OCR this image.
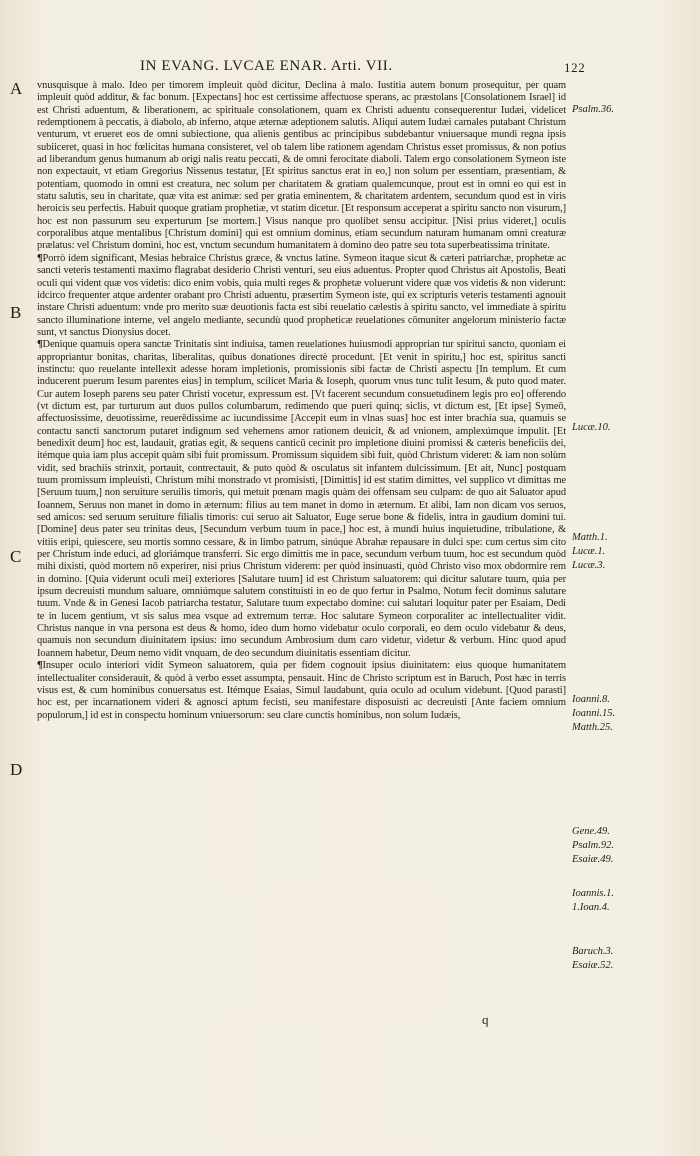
IN EVANG. LVCAE ENAR. Arti. VII.	122
A
B
C
D
Psalm.36.
Lucæ.10.
Matth.1.
Lucæ.1.
Lucæ.3.
Ioanni.8.
Ioanni.15.
Matth.25.
Gene.49.
Psalm.92.
Esaiæ.49.
Ioannis.1.
1.Ioan.4.
Baruch.3.
Esaiæ.52.

vnusquisque à malo. Ideo per timorem impleuit quòd dicitur, Declina à malo. Iustitia autem bonum prosequitur, per quam impleuit quòd additur, & fac bonum. [Expectans] hoc est certissime affectuose sperans, ac præstolans [Consolationem Israel] id est Christi aduentum, & liberationem, ac spirituale consolationem, quam ex Christi aduentu consequerentur Iudæi, videlicet redemptionem à peccatis, à diabolo, ab inferno, atque æternæ adeptionem salutis. Aliqui autem Iudæi carnales putabant Christum venturum, vt erueret eos de omni subiectione, qua alienis gentibus ac principibus subdebantur vniuersaque mundi regna ipsis subiiceret, quasi in hoc fœlicitas humana consisteret, vel ob talem libe rationem agendam Christus esset promissus, & non potius ad liberandum genus humanum ab origi nalis reatu peccati, & de omni ferocitate diaboli. Talem ergo consolationem Symeon iste non expectauit, vt etiam Gregorius Nissenus testatur, [Et spiritus sanctus erat in eo,] non solum per essentiam, præsentiam, & potentiam, quomodo in omni est creatura, nec solum per charitatem & gratiam qualemcunque, prout est in omni eo qui est in statu salutis, seu in charitate, quæ vita est animæ: sed per gratia eminentem, & charitatem ardentem, secundum quod est in viris heroicis seu perfectis. Habuit quoque gratiam prophetiæ, vt statim dicetur. [Et responsum acceperat a spiritu sancto non visurum,] hoc est non passurum seu experturum [se mortem.] Visus nanque pro quolibet sensu accipitur. [Nisi prius videret,] oculis corporalibus atque mentalibus [Christum domini] qui est omnium dominus, etiam secundum naturam humanam omni creaturæ prælatus: vel Christum domini, hoc est, vnctum secundum humanitatem à domino deo patre seu tota superbeatissima trinitate.

¶Porrò idem significant, Mesias hebraice Christus græce, & vnctus latine. Symeon itaque sicut & cæteri patriarchæ, prophetæ ac sancti veteris testamenti maximo flagrabat desiderio Christi venturi, seu eius aduentus. Propter quod Christus ait Apostolis, Beati oculi qui vident quæ vos videtis: dico enim vobis, quia multi reges & prophetæ voluerunt videre quæ vos videtis & non viderunt: idcirco frequenter atque ardenter orabant pro Christi aduentu, præsertim Symeon iste, qui ex scripturis veteris testamenti agnouit instare Christi aduentum: vnde pro merito suæ deuotionis facta est sibi reuelatio cælestis à spiritu sancto, vel immediate à spiritu sancto illuminatione interne, vel angelo mediante, secundù quod propheticæ reuelationes cōmuniter angelorum ministerio factæ sunt, vt sanctus Dionysius docet.

¶Denique quamuis opera sanctæ Trinitatis sint indiuisa, tamen reuelationes huiusmodi approprian tur spiritui sancto, quoniam ei appropriantur bonitas, charitas, liberalitas, quibus donationes directè procedunt. [Et venit in spiritu,] hoc est, spiritus sancti instinctu: quo reuelante intellexit adesse horam impletionis, promissionis sibi factæ de Christi aspectu [In templum. Et cum inducerent puerum Iesum parentes eius] in templum, scilicet Maria & Ioseph, quorum vnus tunc tulit Iesum, & puto quod mater. Cur autem Ioseph parens seu pater Christi vocetur, expressum est. [Vt facerent secundum consuetudinem legis pro eo] offerendo (vt dictum est, par turturum aut duos pullos columbarum, redimendo que pueri quinq; siclis, vt dictum est, [Et ipse] Symeō, affectuosissime, deuotissime, reuerēdissime ac iucundissime [Accepit eum in vlnas suas] hoc est inter brachia sua, quamuis se contactu sancti sanctorum putaret indignum sed vehemens amor rationem deuicit, & ad vnionem, amplexúmque impulit. [Et benedixit deum] hoc est, laudauit, gratias egit, & sequens canticū cecinit pro impletione diuini promissi & cæteris beneficiis dei, itémque quia iam plus accepit quàm sibi fuit promissum. Promissum siquidem sibi fuit, quòd Christum videret: & iam non solùm vidit, sed brachiis strinxit, portauit, contrectauit, & puto quòd & osculatus sit infantem dulcissimum. [Et ait, Nunc] postquam tuum promissum impleuisti, Christum mihi monstrado vt promisisti, [Dimittis] id est statim dimittes, vel supplico vt dimittas me [Seruum tuum,] non seruiture seruilis timoris, qui metuit pœnam magis quàm dei offensam seu culpam: de quo ait Saluator apud Ioannem, Seruus non manet in domo in æternum: filius au tem manet in domo in æternum. Et alibi, Iam non dicam vos seruos, sed amicos: sed seruum seruiture filialis timoris: cui seruo ait Saluator, Euge serue bone & fidelis, intra in gaudium domini tui. [Domine] deus pater seu trinitas deus, [Secundum verbum tuum in pace,] hoc est, à mundi huius inquietudine, tribulatione, & vitiis eripi, quiescere, seu mortis somno cessare, & in limbo patrum, sinúque Abrahæ repausare in dulci spe: cum certus sim cito per Christum inde educi, ad gloriámque transferri. Sic ergo dimittis me in pace, secundum verbum tuum, hoc est secundum quòd mihi dixisti, quòd mortem nō experirer, nisi prius Christum viderem: per quòd insinuasti, quòd Christo viso mox obdormire rem in domino. [Quia viderunt oculi mei] exteriores [Salutare tuum] id est Christum saluatorem: qui dicitur salutare tuum, quia per ipsum decreuisti mundum saluare, omniúmque salutem constituisti in eo de quo fertur in Psalmo, Notum fecit dominus salutare tuum. Vnde & in Genesi Iacob patriarcha testatur, Salutare tuum expectabo domine: cui salutari loquitur pater per Esaiam, Dedi te in lucem gentium, vt sis salus mea vsque ad extremum terræ. Hoc salutare Symeon corporaliter ac intellectualiter vidit. Christus nanque in vna persona est deus & homo, ideo dum homo videbatur oculo corporali, eo dem oculo videbatur & deus, quamuis non secundum diuinitatem ipsius: imo secundum Ambrosium dum caro videtur, videtur & verbum. Hinc quod apud Ioannem habetur, Deum nemo vidit vnquam, de deo secundum diuinitatis essentiam dicitur.

¶Insuper oculo interiori vidit Symeon saluatorem, quia per fidem cognouit ipsius diuinitatem: eius quoque humanitatem intellectualiter considerauit, & quòd à verbo esset assumpta, pensauit. Hinc de Christo scriptum est in Baruch, Post hæc in terris visus est, & cum hominibus conuersatus est. Itémque Esaias, Simul laudabunt, quia oculo ad oculum videbunt. [Quod parasti] hoc est, per incarnationem videri & agnosci aptum fecisti, seu manifestare disposuisti ac decreuisti [Ante faciem omnium populorum,] id est in conspectu hominum vniuersorum: seu clare cunctis hominibus, non solum Iudæis,

q
